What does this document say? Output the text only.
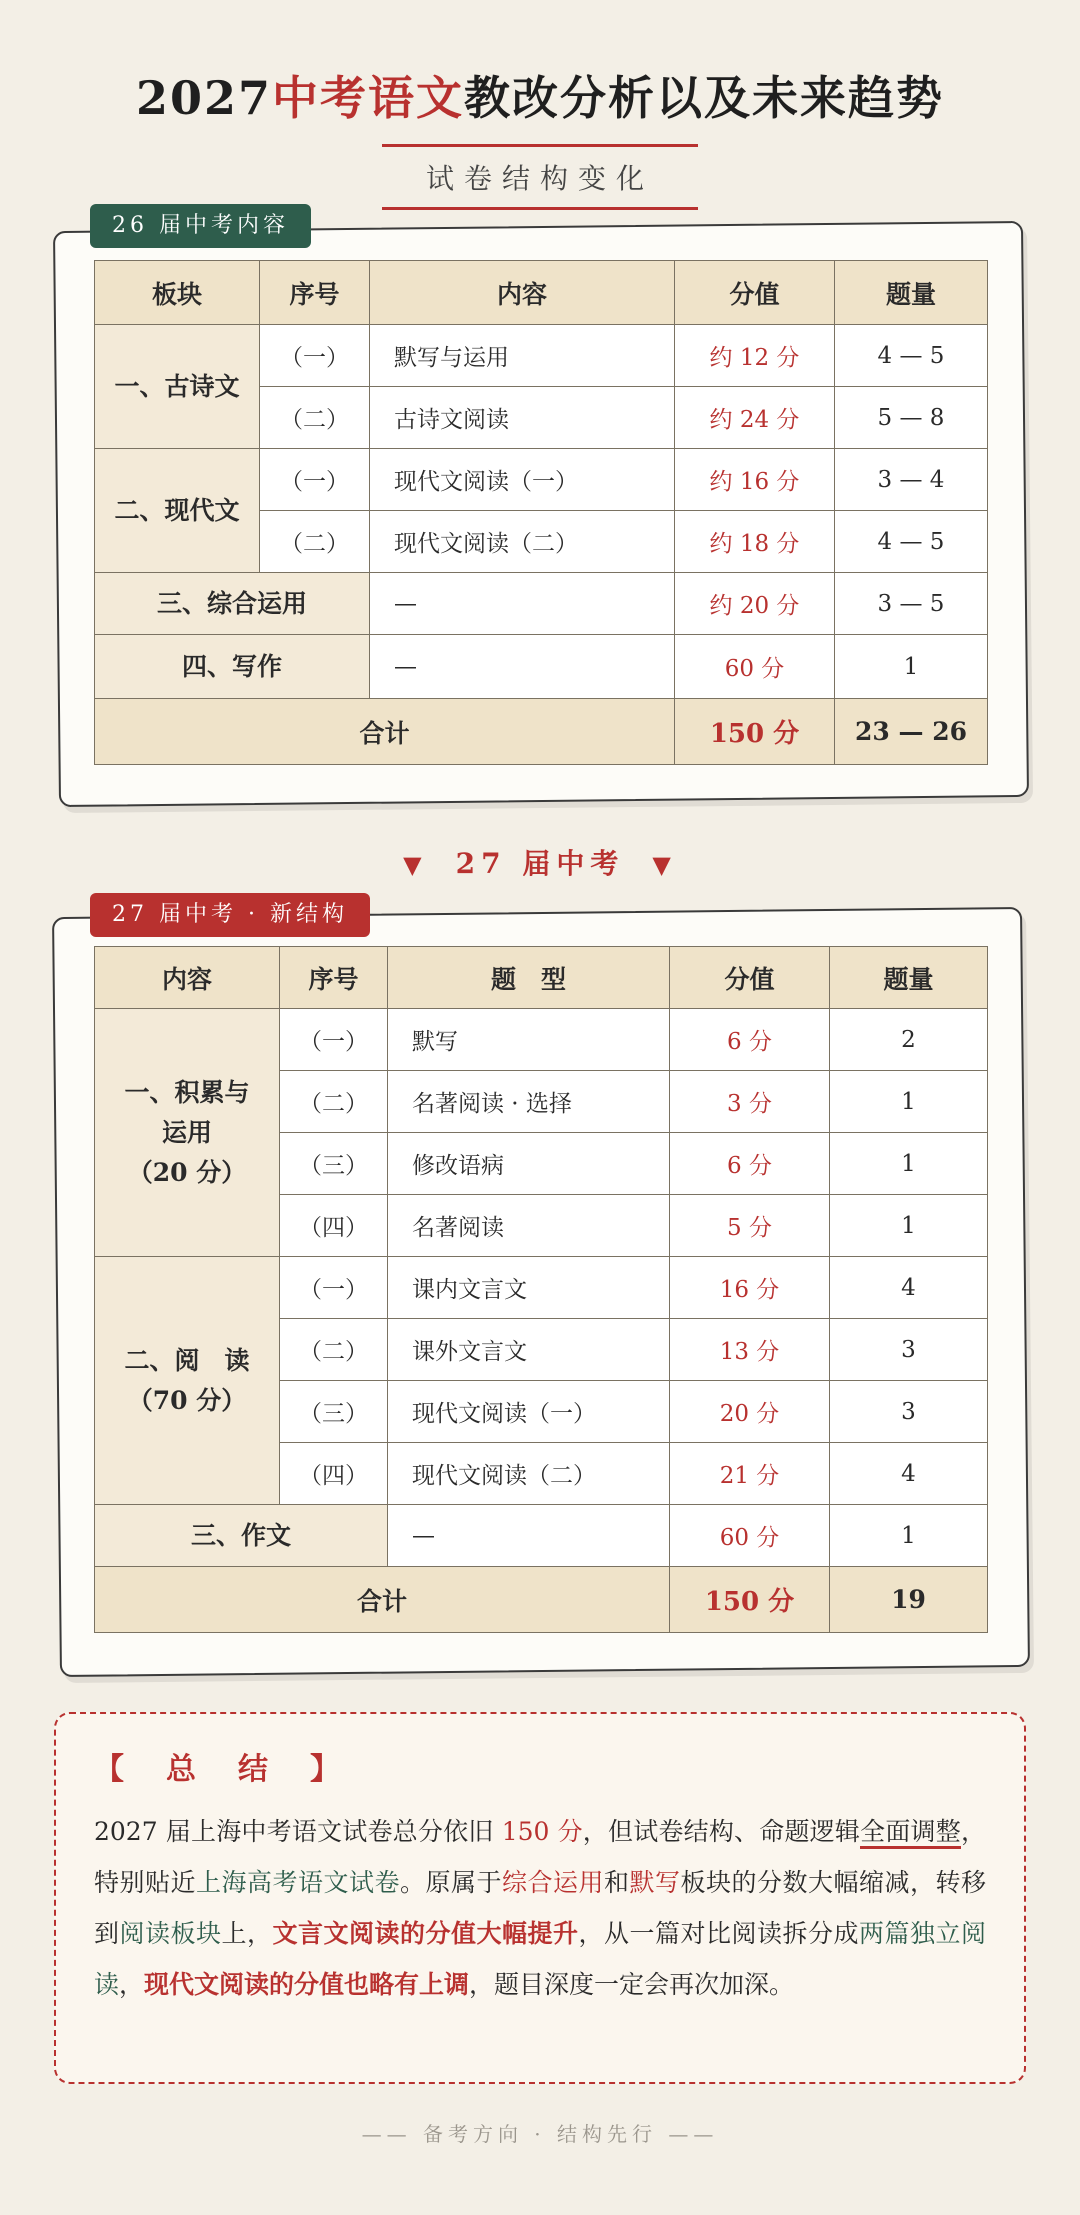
2027中考语文教改分析以及未来趋势
试卷结构变化
26 届中考内容
板块	序号	内容	分值	题量
一、古诗文	（一）	默写与运用	约 12 分	4 — 5
	（二）	古诗文阅读	约 24 分	5 — 8
二、现代文	（一）	现代文阅读（一）	约 16 分	3 — 4
	（二）	现代文阅读（二）	约 18 分	4 — 5
三、综合运用		—	约 20 分	3 — 5
四、写作		—	60 分	1
合计			150 分	23 — 26
▼ 27 届中考 ▼
27 届中考 · 新结构
内容	序号	题　型	分值	题量

一、积累与运用
（20 分）	（一）	默写	6 分	2
	（二）	名著阅读 · 选择	3 分	1
	（三）	修改语病	6 分	1
	（四）	名著阅读	5 分	1

二、阅　读
（70 分）	（一）	课内文言文	16 分	4
	（二）	课外文言文	13 分	3
	（三）	现代文阅读（一）	20 分	3
	（四）	现代文阅读（二）	21 分	4
三、作文		—	60 分	1
合计			150 分	19
【　总　结　】
2027 届上海中考语文试卷总分依旧 150 分，但试卷结构、命题逻辑全面调整，特别贴近上海高考语文试卷。原属于综合运用和默写板块的分数大幅缩减，转移到阅读板块上，文言文阅读的分值大幅提升，从一篇对比阅读拆分成两篇独立阅读，现代文阅读的分值也略有上调，题目深度一定会再次加深。
—— 备考方向 · 结构先行 ——
